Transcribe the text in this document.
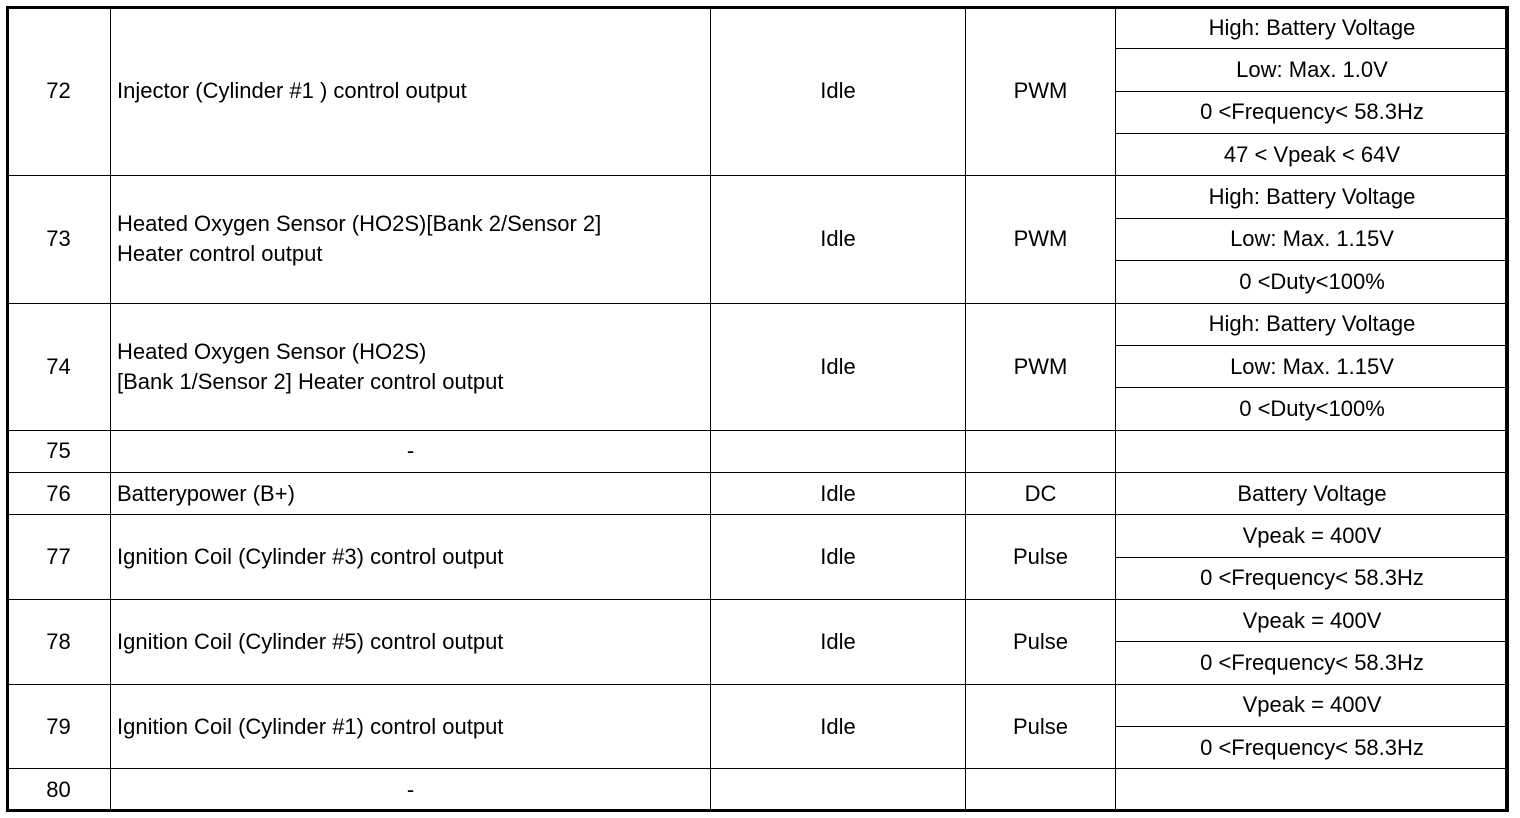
72	Injector (Cylinder #1 ) control output	Idle	PWM	High: Battery Voltage
				Low: Max. 1.0V
				0 <Frequency< 58.3Hz
				47 < Vpeak < 64V
73	Heated Oxygen Sensor (HO2S)[Bank 2/Sensor 2]
Heater control output	Idle	PWM	High: Battery Voltage
				Low: Max. 1.15V
				0 <Duty<100%
74	Heated Oxygen Sensor (HO2S)
[Bank 1/Sensor 2] Heater control output	Idle	PWM	High: Battery Voltage
				Low: Max. 1.15V
				0 <Duty<100%
75	-			

76	Batterypower (B+)	Idle	DC	Battery Voltage
77	Ignition Coil (Cylinder #3) control output	Idle	Pulse	Vpeak = 400V
				0 <Frequency< 58.3Hz
78	Ignition Coil (Cylinder #5) control output	Idle	Pulse	Vpeak = 400V
				0 <Frequency< 58.3Hz
79	Ignition Coil (Cylinder #1) control output	Idle	Pulse	Vpeak = 400V
				0 <Frequency< 58.3Hz
80	-			
